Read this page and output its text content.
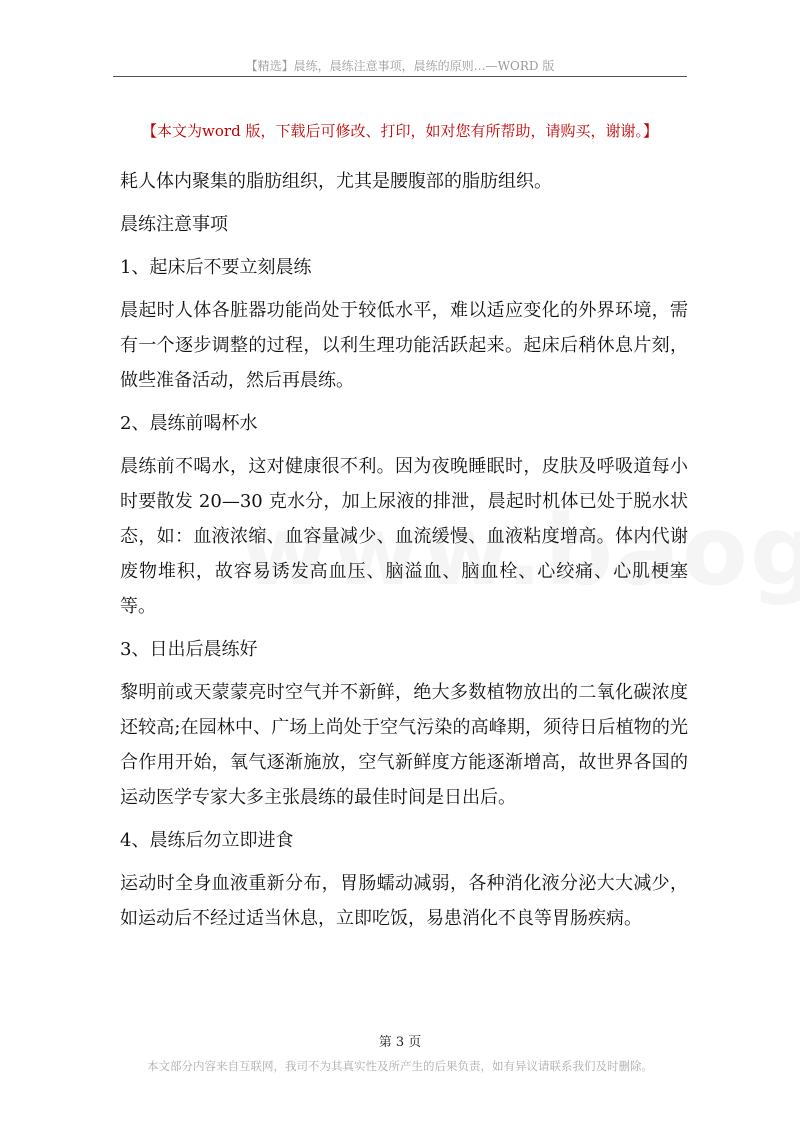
【精选】晨练，晨练注意事项，晨练的原则…—WORD 版
【本文为word 版，下载后可修改、打印，如对您有所帮助，请购买，谢谢。】

耗人体内聚集的脂肪组织，尤其是腰腹部的脂肪组织。

晨练注意事项

1、起床后不要立刻晨练

晨起时人体各脏器功能尚处于较低水平，难以适应变化的外界环境，需有一个逐步调整的过程，以利生理功能活跃起来。起床后稍休息片刻，做些准备活动，然后再晨练。

2、晨练前喝杯水

晨练前不喝水，这对健康很不利。因为夜晚睡眠时，皮肤及呼吸道每小时要散发 20—30 克水分，加上尿液的排泄，晨起时机体已处于脱水状态，如：血液浓缩、血容量减少、血流缓慢、血液粘度增高。体内代谢废物堆积，故容易诱发高血压、脑溢血、脑血栓、心绞痛、心肌梗塞等。

3、日出后晨练好

黎明前或天蒙蒙亮时空气并不新鲜，绝大多数植物放出的二氧化碳浓度还较高;在园林中、广场上尚处于空气污染的高峰期，须待日后植物的光合作用开始，氧气逐渐施放，空气新鲜度方能逐渐增高，故世界各国的运动医学专家大多主张晨练的最佳时间是日出后。

4、晨练后勿立即进食

运动时全身血液重新分布，胃肠蠕动减弱，各种消化液分泌大大减少，如运动后不经过适当休息，立即吃饭，易患消化不良等胃肠疾病。

第 3 页
本文部分内容来自互联网，我司不为其真实性及所产生的后果负责，如有异议请联系我们及时删除。
